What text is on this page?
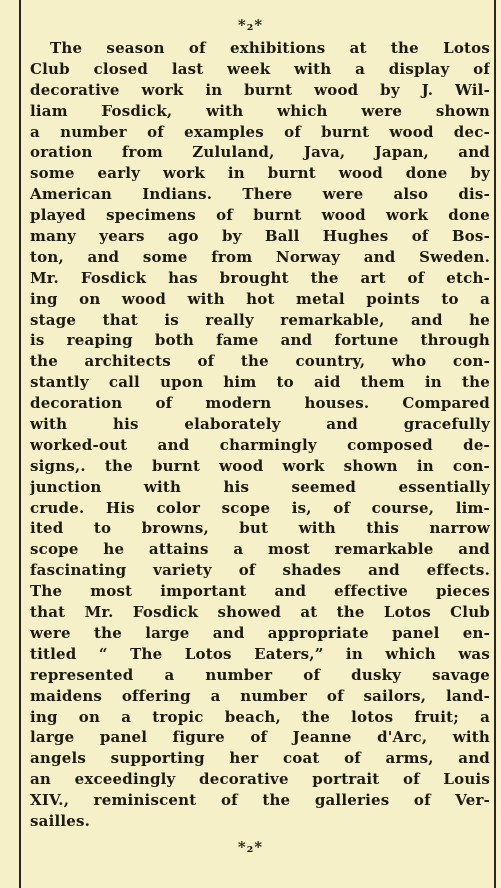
*₂*
The season of exhibitions at the Lotos
Club closed last week with a display of
decorative work in burnt wood by J. Wil-
liam Fosdick, with which were shown
a number of examples of burnt wood dec-
oration from Zululand, Java, Japan, and
some early work in burnt wood done by
American Indians. There were also dis-
played specimens of burnt wood work done
many years ago by Ball Hughes of Bos-
ton, and some from Norway and Sweden.
Mr. Fosdick has brought the art of etch-
ing on wood with hot metal points to a
stage that is really remarkable, and he
is reaping both fame and fortune through
the architects of the country, who con-
stantly call upon him to aid them in the
decoration of modern houses. Compared
with his elaborately and gracefully
worked-out and charmingly composed de-
signs,. the burnt wood work shown in con-
junction with his seemed essentially
crude. His color scope is, of course, lim-
ited to browns, but with this narrow
scope he attains a most remarkable and
fascinating variety of shades and effects.
The most important and effective pieces
that Mr. Fosdick showed at the Lotos Club
were the large and appropriate panel en-
titled “ The Lotos Eaters,” in which was
represented a number of dusky savage
maidens offering a number of sailors, land-
ing on a tropic beach, the lotos fruit; a
large panel figure of Jeanne d'Arc, with
angels supporting her coat of arms, and
an exceedingly decorative portrait of Louis
XIV., reminiscent of the galleries of Ver-
sailles.
*₂*
